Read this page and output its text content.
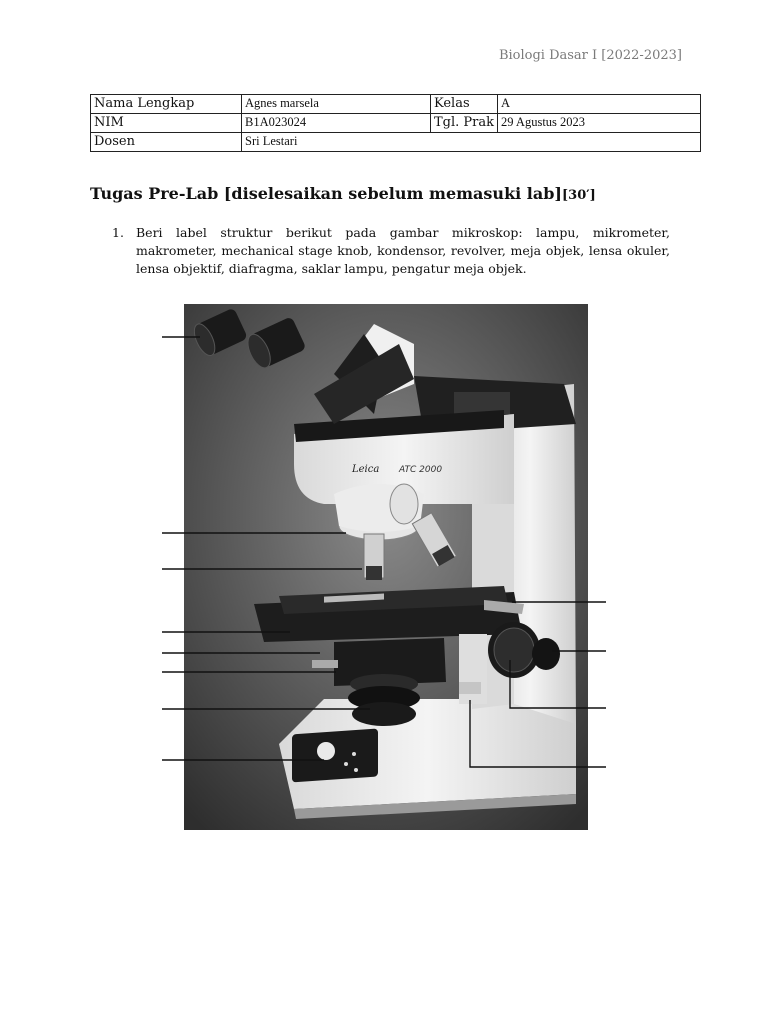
Biologi Dasar I [2022-2023]
Nama Lengkap	Agnes marsela	Kelas	A
NIM	B1A023024	Tgl. Prak	29 Agustus 2023
Dosen	Sri Lestari		
Tugas Pre-Lab [diselesaikan sebelum memasuki lab][30′]
1. Beri label struktur berikut pada gambar mikroskop: lampu, mikrometer, makrometer, mechanical stage knob, kondensor, revolver, meja objek, lensa okuler, lensa objektif, diafragma, saklar lampu, pengatur meja objek.
Leica ATC 2000
